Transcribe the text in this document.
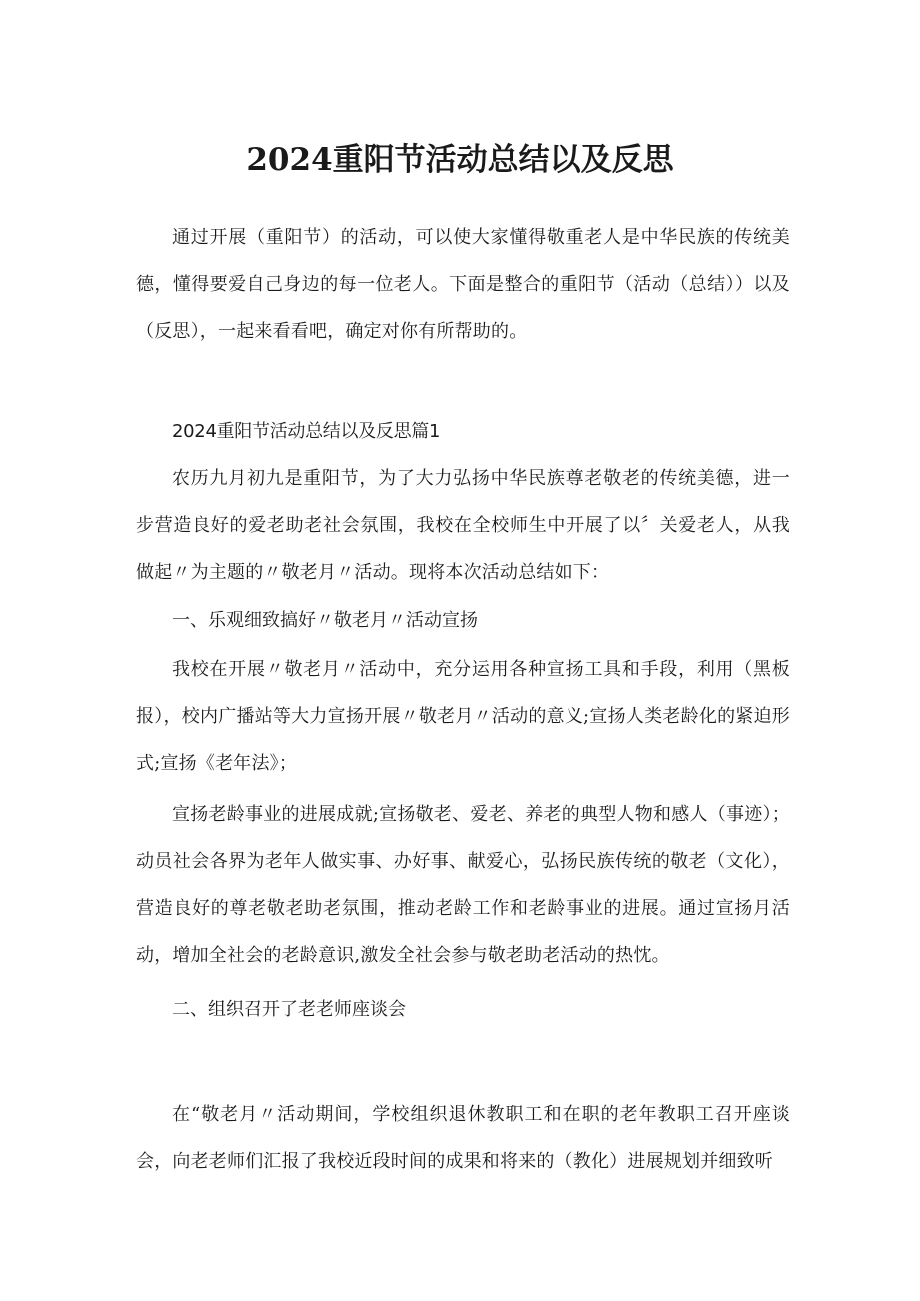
2024重阳节活动总结以及反思

通过开展（重阳节）的活动，可以使大家懂得敬重老人是中华民族的传统美德，懂得要爱自己身边的每一位老人。下面是整合的重阳节（活动（总结））以及（反思），一起来看看吧，确定对你有所帮助的。

2024重阳节活动总结以及反思篇1

农历九月初九是重阳节，为了大力弘扬中华民族尊老敬老的传统美德，进一步营造良好的爱老助老社会氛围，我校在全校师生中开展了以〞关爱老人，从我做起〃为主题的〃敬老月〃活动。现将本次活动总结如下：

一、乐观细致搞好〃敬老月〃活动宣扬

我校在开展〃敬老月〃活动中，充分运用各种宣扬工具和手段，利用（黑板报），校内广播站等大力宣扬开展〃敬老月〃活动的意义;宣扬人类老龄化的紧迫形式;宣扬《老年法》；

宣扬老龄事业的进展成就;宣扬敬老、爱老、养老的典型人物和感人（事迹）；动员社会各界为老年人做实事、办好事、献爱心，弘扬民族传统的敬老（文化），营造良好的尊老敬老助老氛围，推动老龄工作和老龄事业的进展。通过宣扬月活动，增加全社会的老龄意识,激发全社会参与敬老助老活动的热忱。

二、组织召开了老老师座谈会

在“敬老月〃活动期间，学校组织退休教职工和在职的老年教职工召开座谈会，向老老师们汇报了我校近段时间的成果和将来的（教化）进展规划并细致听
